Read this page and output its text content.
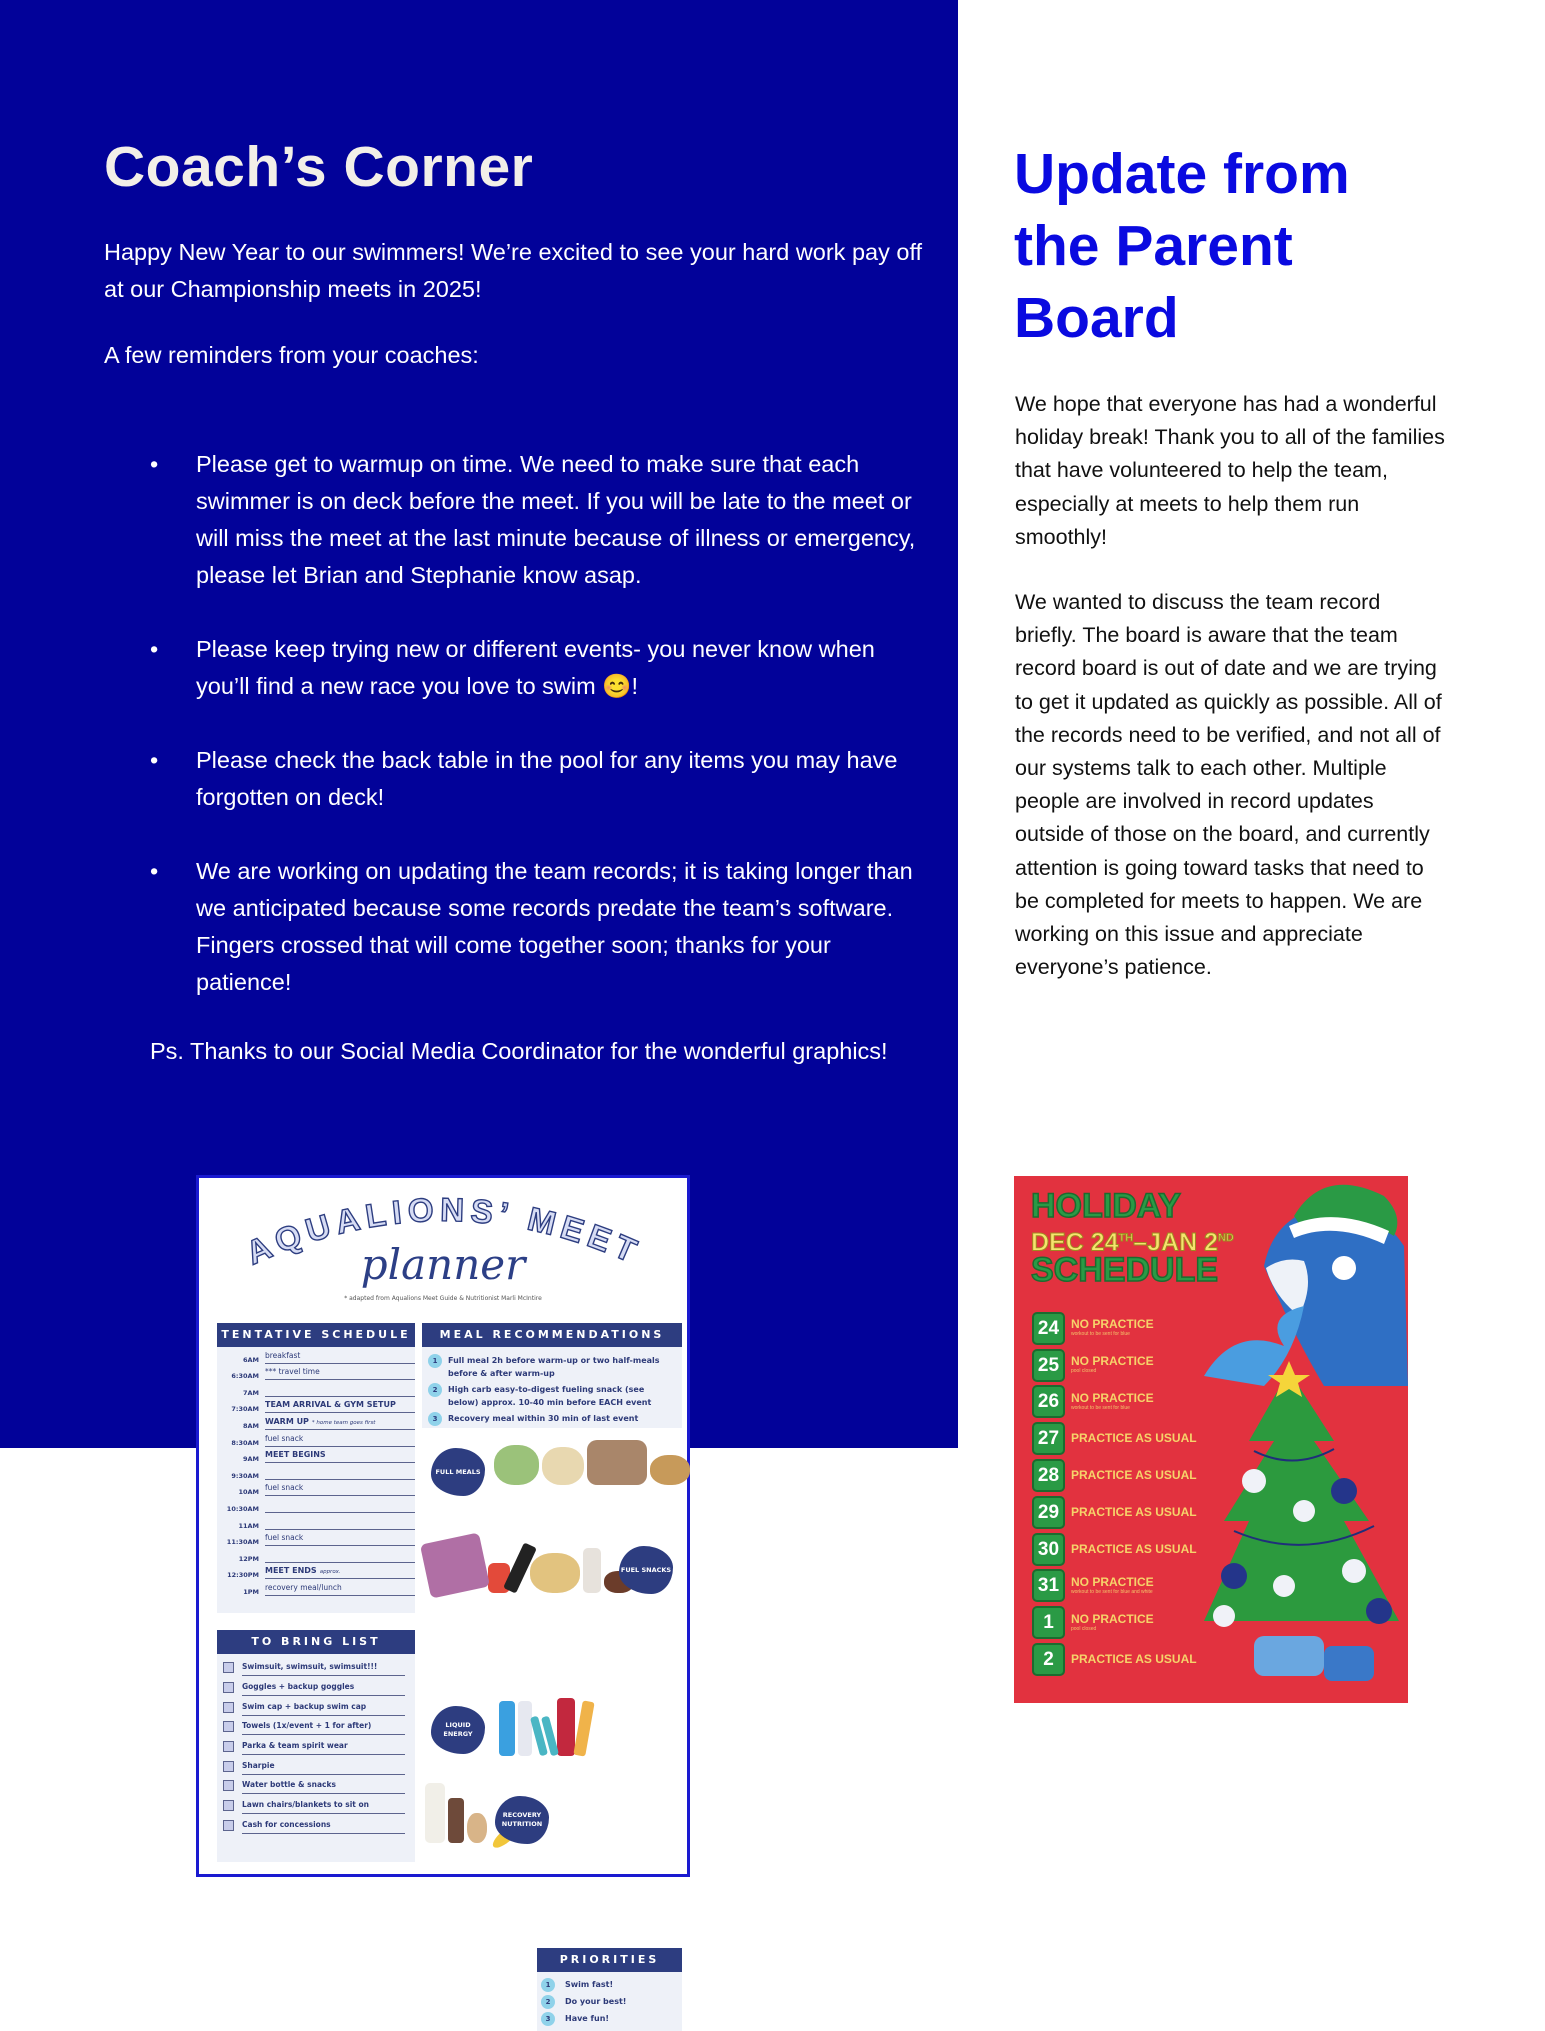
Coach’s Corner

Happy New Year to our swimmers! We’re excited to see your hard work pay off at our Championship meets in 2025!

A few reminders from your coaches:

• Please get to warmup on time. We need to make sure that each swimmer is on deck before the meet. If you will be late to the meet or will miss the meet at the last minute because of illness or emergency, please let Brian and Stephanie know asap.
• Please keep trying new or different events- you never know when you’ll find a new race you love to swim 😊!
• Please check the back table in the pool for any items you may have forgotten on deck!
• We are working on updating the team records; it is taking longer than we anticipated because some records predate the team’s software. Fingers crossed that will come together soon; thanks for your patience!

Ps. Thanks to our Social Media Coordinator for the wonderful graphics!

Update from the Parent Board

We hope that everyone has had a wonderful holiday break! Thank you to all of the families that have volunteered to help the team, especially at meets to help them run smoothly!

We wanted to discuss the team record briefly. The board is aware that the team record board is out of date and we are trying to get it updated as quickly as possible. All of the records need to be verified, and not all of our systems talk to each other. Multiple people are involved in record updates outside of those on the board, and currently attention is going toward tasks that need to be completed for meets to happen. We are working on this issue and appreciate everyone’s patience.

AQUALIONS’ MEET
planner
* adapted from Aqualions Meet Guide & Nutritionist Marli McIntire
TENTATIVE SCHEDULE
6AM breakfast
6:30AM *** travel time
7AM
7:30AM TEAM ARRIVAL & GYM SETUP
8AM WARM UP * home team goes first
8:30AM fuel snack
9AM MEET BEGINS
9:30AM
10AM fuel snack
10:30AM
11AM
11:30AM fuel snack
12PM
12:30PM MEET ENDS approx.
1PM recovery meal/lunch
TO BRING LIST
Swimsuit, swimsuit, swimsuit!!!
Goggles + backup goggles
Swim cap + backup swim cap
Towels (1x/event + 1 for after)
Parka & team spirit wear
Sharpie
Water bottle & snacks
Lawn chairs/blankets to sit on
Cash for concessions
MEAL RECOMMENDATIONS
1	Full meal 2h before warm-up or two half-meals before & after warm-up
2	High carb easy-to-digest fueling snack (see below) approx. 10-40 min before EACH event
3	Recovery meal within 30 min of last event
FULL MEALS
FUEL SNACKS
LIQUID ENERGY
RECOVERY NUTRITION
PRIORITIES
1	Swim fast!
2	Do your best!
3	Have fun!
HOLIDAY
DEC 24TH–JAN 2ND
SCHEDULE
24 NO PRACTICE
workout to be sent for blue
25 NO PRACTICE
pool closed
26 NO PRACTICE
workout to be sent for blue
27 PRACTICE AS USUAL
28 PRACTICE AS USUAL
29 PRACTICE AS USUAL
30 PRACTICE AS USUAL
31 NO PRACTICE
workout to be sent for blue and white
1	NO PRACTICE
pool closed
2	PRACTICE AS USUAL
